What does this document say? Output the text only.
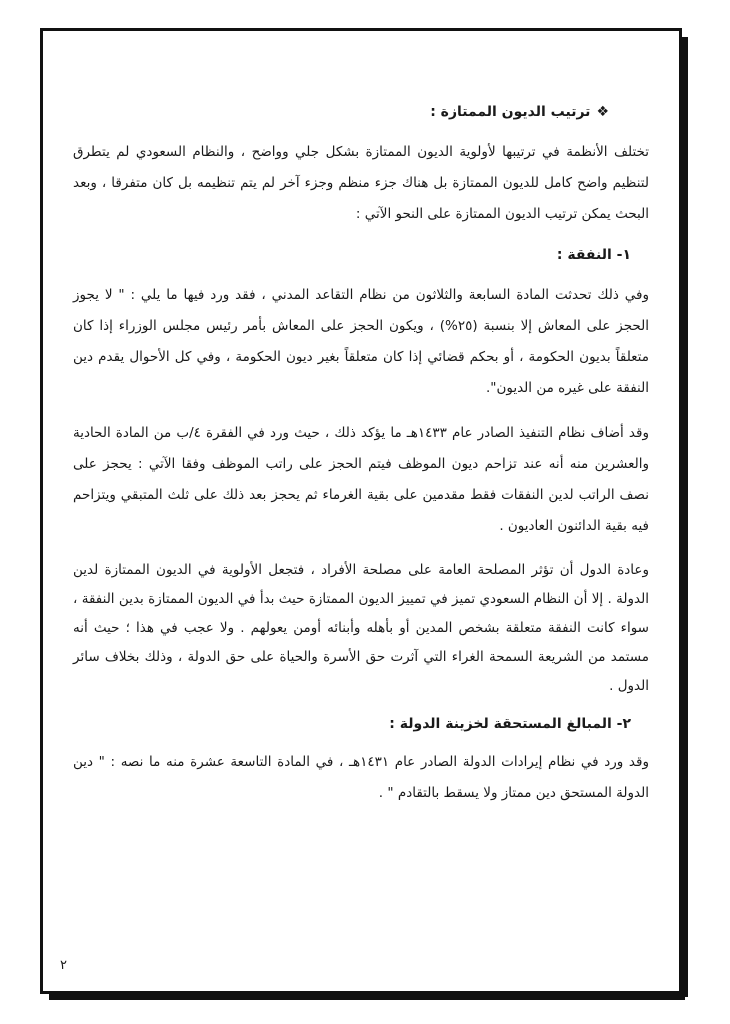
❖ترتيب الديون الممتازة :

تختلف الأنظمة في ترتيبها لأولوية الديون الممتازة بشكل جلي وواضح ، والنظام السعودي لم يتطرق لتنظيم واضح كامل للديون الممتازة بل هناك جزء منظم وجزء آخر لم يتم تنظيمه بل كان متفرقا ، وبعد البحث يمكن ترتيب الديون الممتازة على النحو الآتي :

١- النفقة :

وفي ذلك تحدثت المادة السابعة والثلاثون من نظام التقاعد المدني ، فقد ورد فيها ما يلي : " لا يجوز الحجز على المعاش إلا بنسبة (٢٥%) ، ويكون الحجز على المعاش بأمر رئيس مجلس الوزراء إذا كان متعلقاً بديون الحكومة ، أو بحكم قضائي إذا كان متعلقاً بغير ديون الحكومة ، وفي كل الأحوال يقدم دين النفقة على غيره من الديون".

وقد أضاف نظام التنفيذ الصادر عام ١٤٣٣هـ ما يؤكد ذلك ، حيث ورد في الفقرة ٤/ب من المادة الحادية والعشرين منه أنه عند تزاحم ديون الموظف فيتم الحجز على راتب الموظف وفقا الآتي : يحجز على نصف الراتب لدين النفقات فقط مقدمين على بقية الغرماء ثم يحجز بعد ذلك على ثلث المتبقي ويتزاحم فيه بقية الدائنون العاديون .

وعادة الدول أن تؤثر المصلحة العامة على مصلحة الأفراد ، فتجعل الأولوية في الديون الممتازة لدين الدولة . إلا أن النظام السعودي تميز في تمييز الديون الممتازة حيث بدأ في الديون الممتازة بدين النفقة ، سواء كانت النفقة متعلقة بشخص المدين أو بأهله وأبنائه أومن يعولهم . ولا عجب في هذا ؛ حيث أنه مستمد من الشريعة السمحة الغراء التي آثرت حق الأسرة والحياة على حق الدولة ، وذلك بخلاف سائر الدول .

٢- المبالغ المستحقة لخزينة الدولة :

وقد ورد في نظام إيرادات الدولة الصادر عام ١٤٣١هـ ، في المادة التاسعة عشرة منه ما نصه : " دين الدولة المستحق دين ممتاز ولا يسقط بالتقادم " .

٢
